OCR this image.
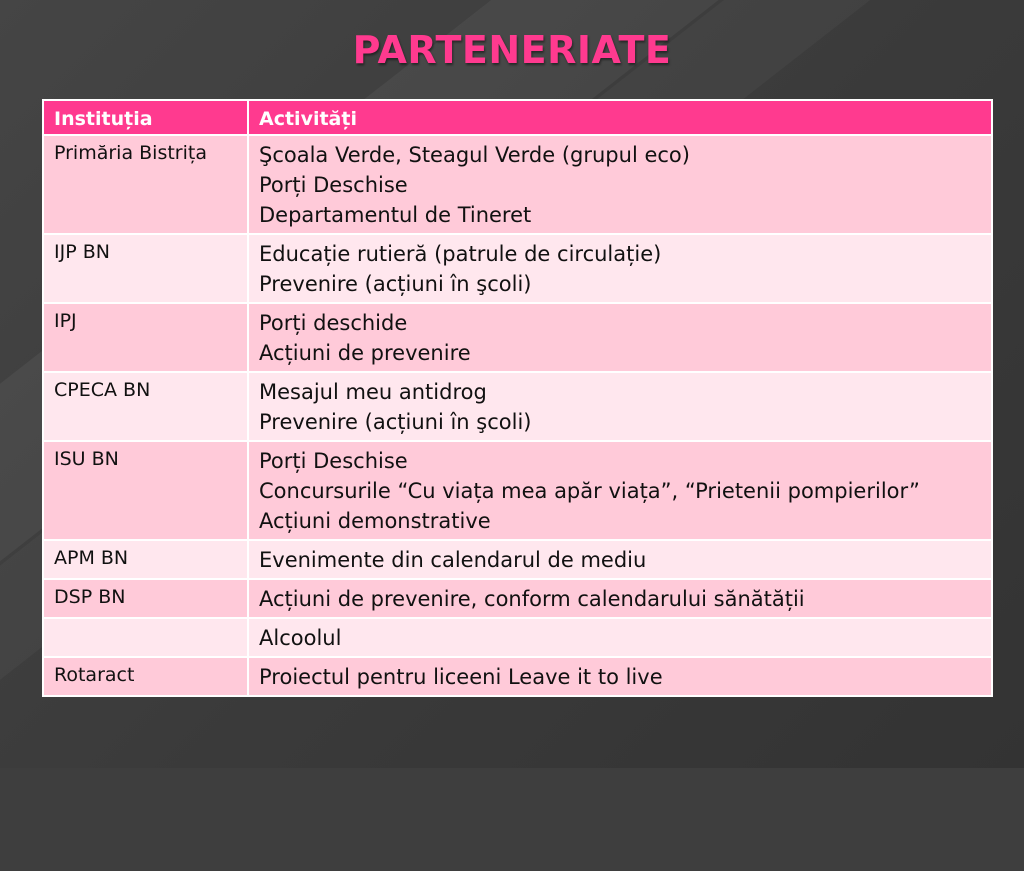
PARTENERIATE
Instituția	Activități
Primăria Bistrița	Şcoala Verde, Steagul Verde (grupul eco)
Porți Deschise
Departamentul de Tineret

IJP BN	Educație rutieră (patrule de circulație)
Prevenire (acțiuni în şcoli)

IPJ	Porți deschide
Acțiuni de prevenire

CPECA BN	Mesajul meu antidrog
Prevenire (acțiuni în şcoli)

ISU BN	Porți Deschise
Concursurile “Cu viața mea apăr viața”, “Prietenii pompierilor”
Acțiuni demonstrative

APM BN	Evenimente din calendarul de mediu

DSP BN	Acțiuni de prevenire, conform calendarului sănătății

	Alcoolul

Rotaract	Proiectul pentru liceeni Leave it to live
